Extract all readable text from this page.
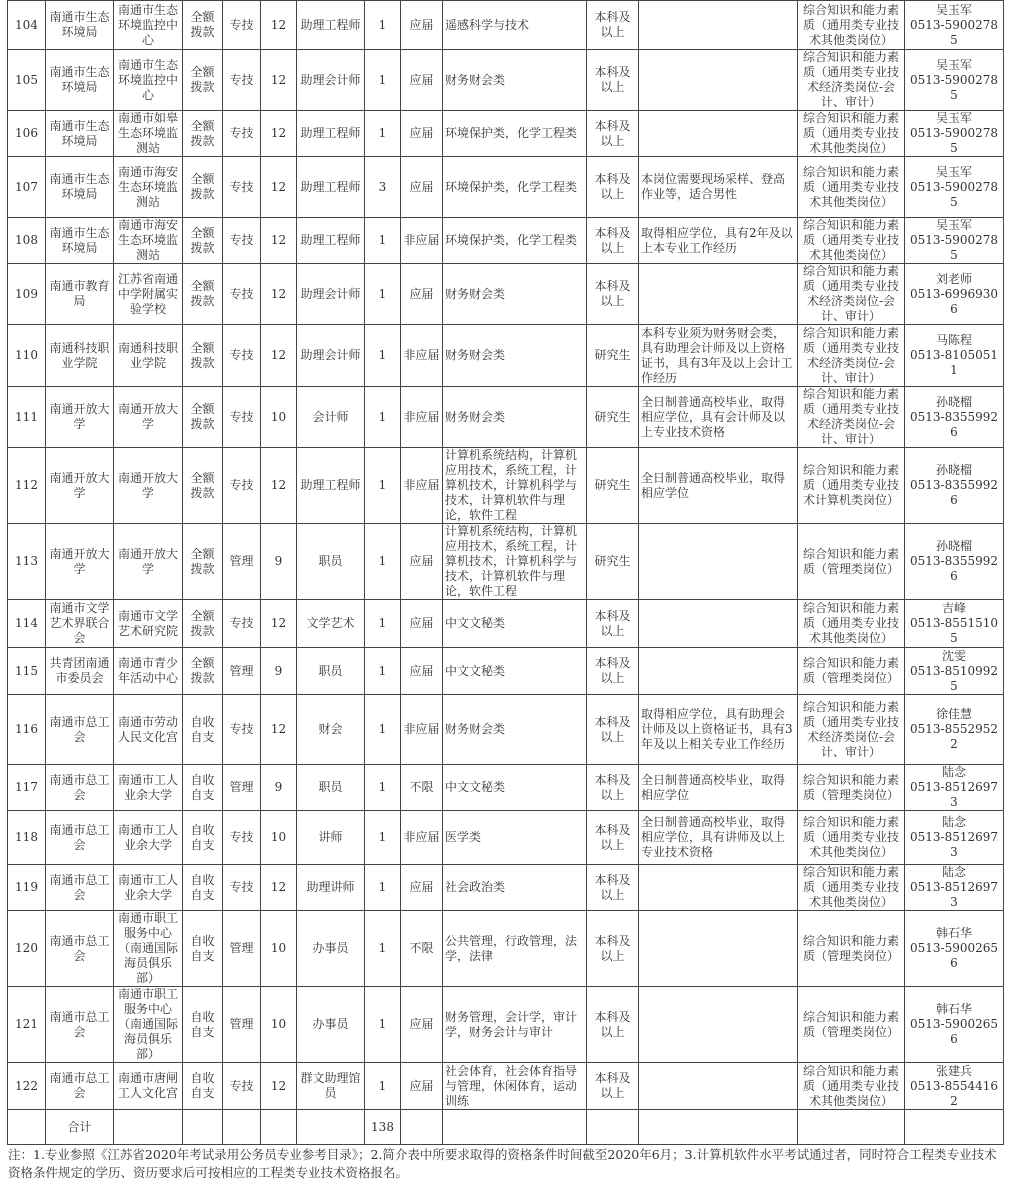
104	南通市生态环境局	南通市生态环境监控中心	全额拨款	专技	12	助理工程师	1	应届	遥感科学与技术	本科及以上		综合知识和能力素质（通用类专业技术其他类岗位）	吴玉军
0513-59002785

105	南通市生态环境局	南通市生态环境监控中心	全额拨款	专技	12	助理会计师	1	应届	财务财会类	本科及以上		综合知识和能力素质（通用类专业技术经济类岗位-会计、审计）	吴玉军
0513-59002785

106	南通市生态环境局	南通市如皋生态环境监测站	全额拨款	专技	12	助理工程师	1	应届	环境保护类，化学工程类	本科及以上		综合知识和能力素质（通用类专业技术其他类岗位）	吴玉军
0513-59002785

107	南通市生态环境局	南通市海安生态环境监测站	全额拨款	专技	12	助理工程师	3	应届	环境保护类，化学工程类	本科及以上	本岗位需要现场采样、登高作业等，适合男性	综合知识和能力素质（通用类专业技术其他类岗位）	吴玉军
0513-59002785

108	南通市生态环境局	南通市海安生态环境监测站	全额拨款	专技	12	助理工程师	1	非应届	环境保护类，化学工程类	本科及以上	取得相应学位，具有2年及以上本专业工作经历	综合知识和能力素质（通用类专业技术其他类岗位）	吴玉军
0513-59002785

109	南通市教育局	江苏省南通中学附属实验学校	全额拨款	专技	12	助理会计师	1	应届	财务财会类	本科及以上		综合知识和能力素质（通用类专业技术经济类岗位-会计、审计）	刘老师
0513-69969306

110	南通科技职业学院	南通科技职业学院	全额拨款	专技	12	助理会计师	1	非应届	财务财会类	研究生	本科专业须为财务财会类，具有助理会计师及以上资格证书，具有3年及以上会计工作经历	综合知识和能力素质（通用类专业技术经济类岗位-会计、审计）	马陈程
0513-81050511

111	南通开放大学	南通开放大学	全额拨款	专技	10	会计师	1	非应届	财务财会类	研究生	全日制普通高校毕业，取得相应学位，具有会计师及以上专业技术资格	综合知识和能力素质（通用类专业技术经济类岗位-会计、审计）	孙晓榴
0513-83559926

112	南通开放大学	南通开放大学	全额拨款	专技	12	助理工程师	1	非应届	计算机系统结构，计算机应用技术，系统工程，计算机技术，计算机科学与技术，计算机软件与理论，软件工程	研究生	全日制普通高校毕业，取得相应学位	综合知识和能力素质（通用类专业技术计算机类岗位）	孙晓榴
0513-83559926

113	南通开放大学	南通开放大学	全额拨款	管理	9	职员	1	应届	计算机系统结构，计算机应用技术，系统工程，计算机技术，计算机科学与技术，计算机软件与理论，软件工程	研究生		综合知识和能力素质（管理类岗位）	孙晓榴
0513-83559926

114	南通市文学艺术界联合会	南通市文学艺术研究院	全额拨款	专技	12	文学艺术	1	应届	中文文秘类	本科及以上		综合知识和能力素质（通用类专业技术其他类岗位）	吉峰
0513-85515105

115	共青团南通市委员会	南通市青少年活动中心	全额拨款	管理	9	职员	1	应届	中文文秘类	本科及以上		综合知识和能力素质（管理类岗位）	沈雯
0513-85109925

116	南通市总工会	南通市劳动人民文化宫	自收自支	专技	12	财会	1	非应届	财务财会类	本科及以上	取得相应学位，具有助理会计师及以上资格证书，具有3年及以上相关专业工作经历	综合知识和能力素质（通用类专业技术经济类岗位-会计、审计）	徐佳慧
0513-85529522

117	南通市总工会	南通市工人业余大学	自收自支	管理	9	职员	1	不限	中文文秘类	本科及以上	全日制普通高校毕业，取得相应学位	综合知识和能力素质（管理类岗位）	陆念
0513-85126973

118	南通市总工会	南通市工人业余大学	自收自支	专技	10	讲师	1	非应届	医学类	本科及以上	全日制普通高校毕业，取得相应学位，具有讲师及以上专业技术资格	综合知识和能力素质（通用类专业技术其他类岗位）	陆念
0513-85126973

119	南通市总工会	南通市工人业余大学	自收自支	专技	12	助理讲师	1	应届	社会政治类	本科及以上		综合知识和能力素质（通用类专业技术其他类岗位）	陆念
0513-85126973

120	南通市总工会	南通市职工服务中心（南通国际海员俱乐部）	自收自支	管理	10	办事员	1	不限	公共管理，行政管理，法学，法律	本科及以上		综合知识和能力素质（管理类岗位）	韩石华
0513-59002656

121	南通市总工会	南通市职工服务中心（南通国际海员俱乐部）	自收自支	管理	10	办事员	1	应届	财务管理，会计学，审计学，财务会计与审计	本科及以上		综合知识和能力素质（管理类岗位）	韩石华
0513-59002656

122	南通市总工会	南通市唐闸工人文化宫	自收自支	专技	12	群文助理馆员	1	应届	社会体育，社会体育指导与管理，休闲体育，运动训练	本科及以上		综合知识和能力素质（通用类专业技术其他类岗位）	张建兵
0513-85544162

	合计						138						
注：1.专业参照《江苏省2020年考试录用公务员专业参考目录》；2.简介表中所要求取得的资格条件时间截至2020年6月；3.计算机软件水平考试通过者，同时符合工程类专业技术资格条件规定的学历、资历要求后可按相应的工程类专业技术资格报名。
